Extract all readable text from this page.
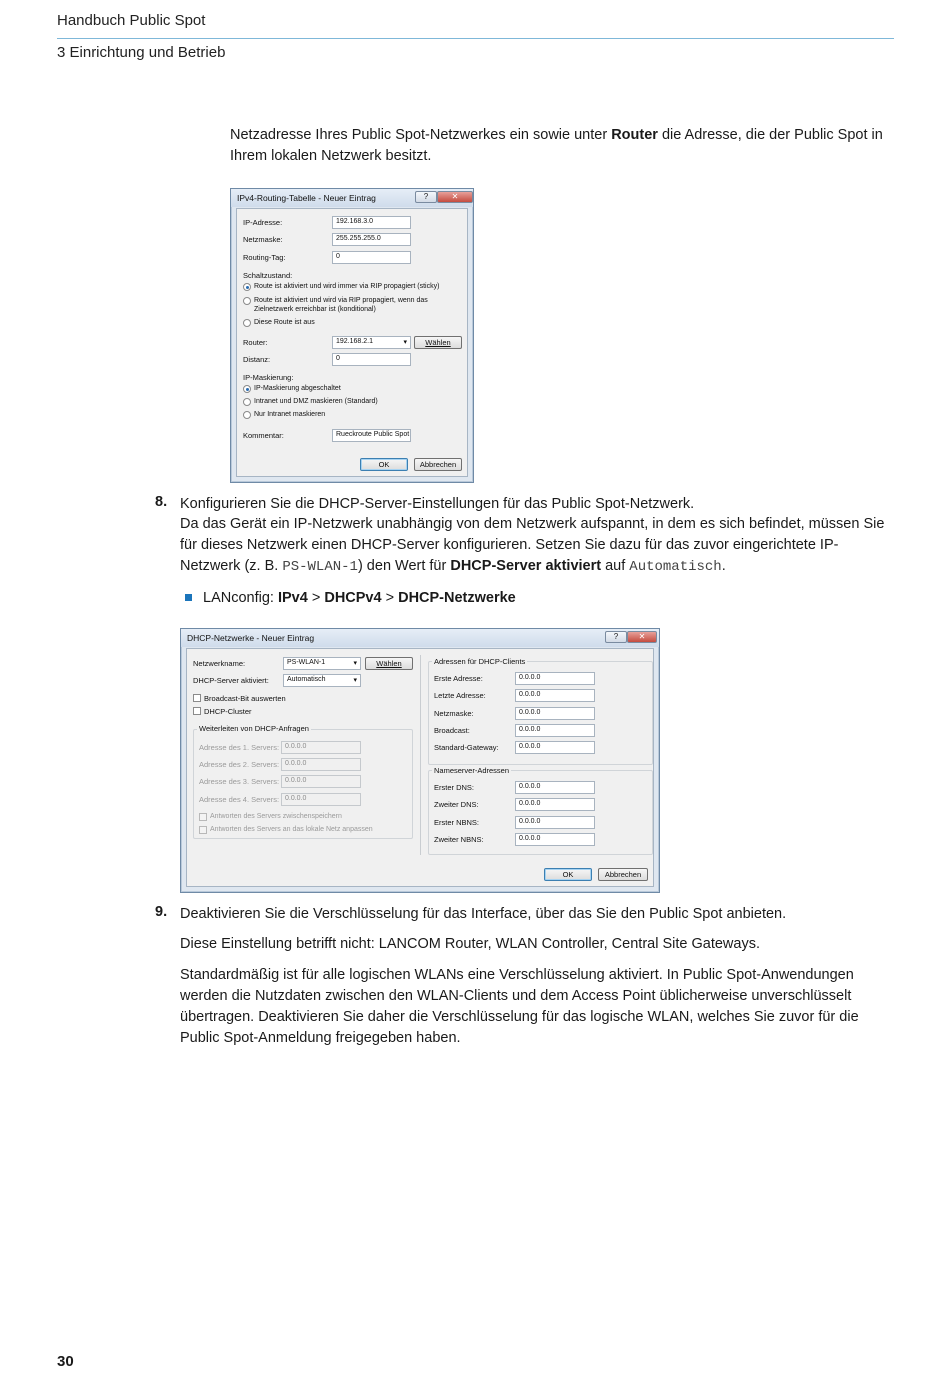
Handbuch Public Spot
3 Einrichtung und Betrieb
Netzadresse Ihres Public Spot-Netzwerkes ein sowie unter Router die Adresse, die der Public Spot in Ihrem lokalen Netzwerk besitzt.
IPv4-Routing-Tabelle - Neuer Eintrag	?	✕
IP-Adresse:	192.168.3.0
Netzmaske:	255.255.255.0
Routing-Tag:	0
Schaltzustand:
Route ist aktiviert und wird immer via RIP propagiert (sticky)
Route ist aktiviert und wird via RIP propagiert, wenn das
Zielnetzwerk erreichbar ist (konditional)
Diese Route ist aus
Router:	192.168.2.1 ▾	Wählen
Distanz:	0
IP-Maskierung:
IP-Maskierung abgeschaltet
Intranet und DMZ maskieren (Standard)
Nur Intranet maskieren
Kommentar:	Rueckroute Public Spot
OK	Abbrechen
8. Konfigurieren Sie die DHCP-Server-Einstellungen für das Public Spot-Netzwerk.
Da das Gerät ein IP-Netzwerk unabhängig von dem Netzwerk aufspannt, in dem es sich befindet, müssen Sie für dieses Netzwerk einen DHCP-Server konfigurieren. Setzen Sie dazu für das zuvor eingerichtete IP-Netzwerk (z. B. PS-WLAN-1) den Wert für DHCP-Server aktiviert auf Automatisch.
LANconfig: IPv4 > DHCPv4 > DHCP-Netzwerke
DHCP-Netzwerke - Neuer Eintrag	?	✕
Netzwerkname:	PS-WLAN-1 ▾	Wählen
DHCP-Server aktiviert:	Automatisch ▾
Broadcast-Bit auswerten
DHCP-Cluster
Weiterleiten von DHCP-Anfragen
Adresse des 1. Servers: 0.0.0.0
Adresse des 2. Servers: 0.0.0.0
Adresse des 3. Servers: 0.0.0.0
Adresse des 4. Servers: 0.0.0.0
Antworten des Servers zwischenspeichern
Antworten des Servers an das lokale Netz anpassen
Adressen für DHCP-Clients
Erste Adresse:	0.0.0.0
Letzte Adresse:	0.0.0.0
Netzmaske:	0.0.0.0
Broadcast:	0.0.0.0
Standard-Gateway:	0.0.0.0
Nameserver-Adressen
Erster DNS:	0.0.0.0
Zweiter DNS:	0.0.0.0
Erster NBNS:	0.0.0.0
Zweiter NBNS:	0.0.0.0
OK	Abbrechen
9. Deaktivieren Sie die Verschlüsselung für das Interface, über das Sie den Public Spot anbieten.
Diese Einstellung betrifft nicht: LANCOM Router, WLAN Controller, Central Site Gateways.
Standardmäßig ist für alle logischen WLANs eine Verschlüsselung aktiviert. In Public Spot-Anwendungen werden die Nutzdaten zwischen den WLAN-Clients und dem Access Point üblicherweise unverschlüsselt übertragen. Deaktivieren Sie daher die Verschlüsselung für das logische WLAN, welches Sie zuvor für die Public Spot-Anmeldung freigegeben haben.
30
